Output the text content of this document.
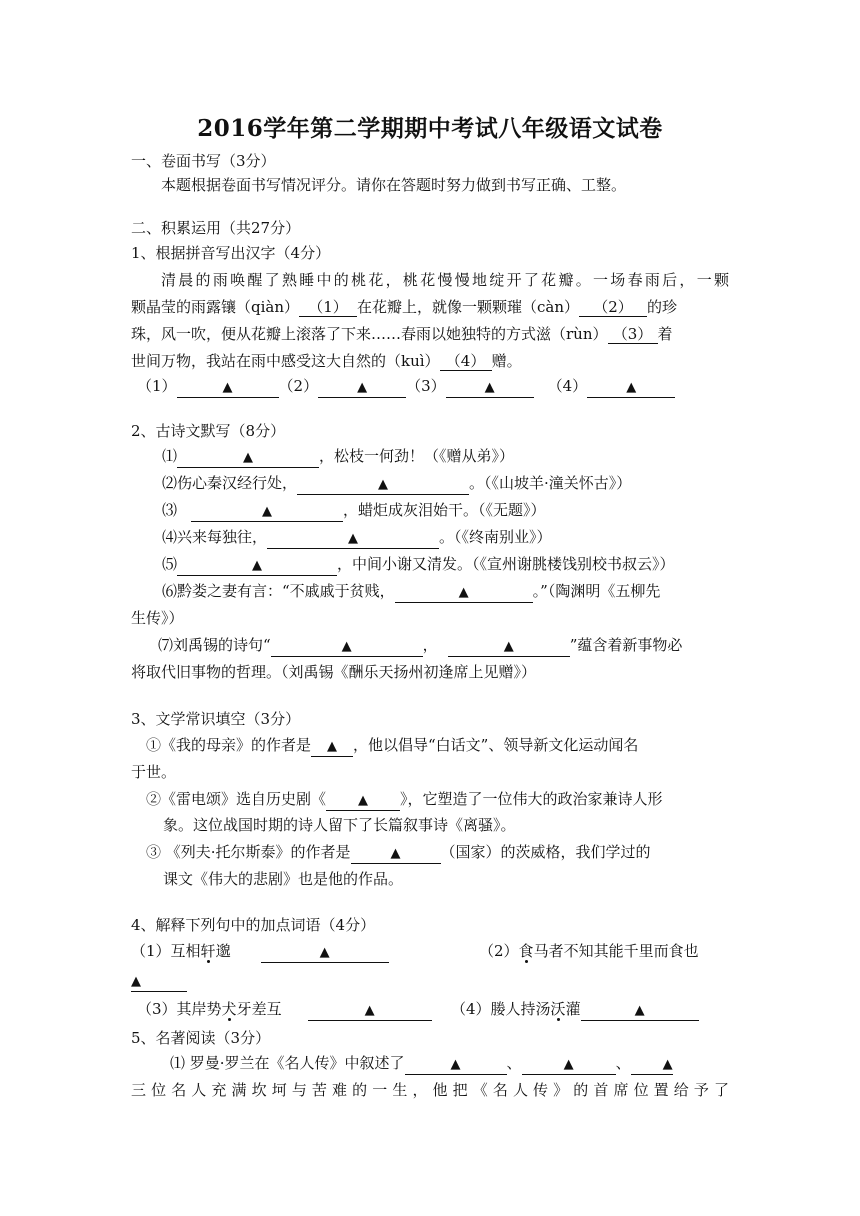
2016学年第二学期期中考试八年级语文试卷
一、卷面书写（3分）
本题根据卷面书写情况评分。请你在答题时努力做到书写正确、工整。
二、积累运用（共27分）
1、根据拼音写出汉字（4分）
清晨的雨唤醒了熟睡中的桃花，桃花慢慢地绽开了花瓣。一场春雨后，一颗
颗晶莹的雨露镶（qiàn） （1） 在花瓣上，就像一颗颗璀（càn） （2） 的珍
珠，风一吹，便从花瓣上滚落了下来……春雨以她独特的方式滋（rùn） （3） 着
世间万物，我站在雨中感受这大自然的（kuì） （4） 赠。
（1）	▲	（2）	▲	（3）	▲	（4）	▲
2、古诗文默写（8分）
⑴	▲	，松枝一何劲！（《赠从弟》）
⑵伤心秦汉经行处，	▲	。（《山坡羊·潼关怀古》）
⑶	▲	，蜡炬成灰泪始干。（《无题》）
⑷兴来每独往，	▲	。（《终南别业》）
⑸	▲	，中间小谢又清发。（《宣州谢朓楼饯别校书叔云》）
⑹黔娄之妻有言：“不戚戚于贫贱，	▲	。”（陶渊明《五柳先
生传》）
⑺刘禹锡的诗句“	▲	，	▲	”蕴含着新事物必
将取代旧事物的哲理。（刘禹锡《酬乐天扬州初逢席上见赠》）
3、文学常识填空（3分）
①《我的母亲》的作者是 ▲ ，他以倡导“白话文”、领导新文化运动闻名
于世。
②《雷电颂》选自历史剧《 ▲ 》，它塑造了一位伟大的政治家兼诗人形
象。这位战国时期的诗人留下了长篇叙事诗《离骚》。
③ 《列夫·托尔斯泰》的作者是	▲	（国家）的茨威格，我们学过的
课文《伟大的悲剧》也是他的作品。
4、解释下列句中的加点词语（4分）
（1）互相轩邈	▲	（2）食马者不知其能千里而食也
▲
（3）其岸势犬牙差互	▲	（4）媵人持汤沃灌	▲
5、名著阅读（3分）
⑴ 罗曼·罗兰在《名人传》中叙述了	▲	、	▲	、 ▲
三位名人充满坎坷与苦难的一生，他把《名人传》的首席位置给予了
